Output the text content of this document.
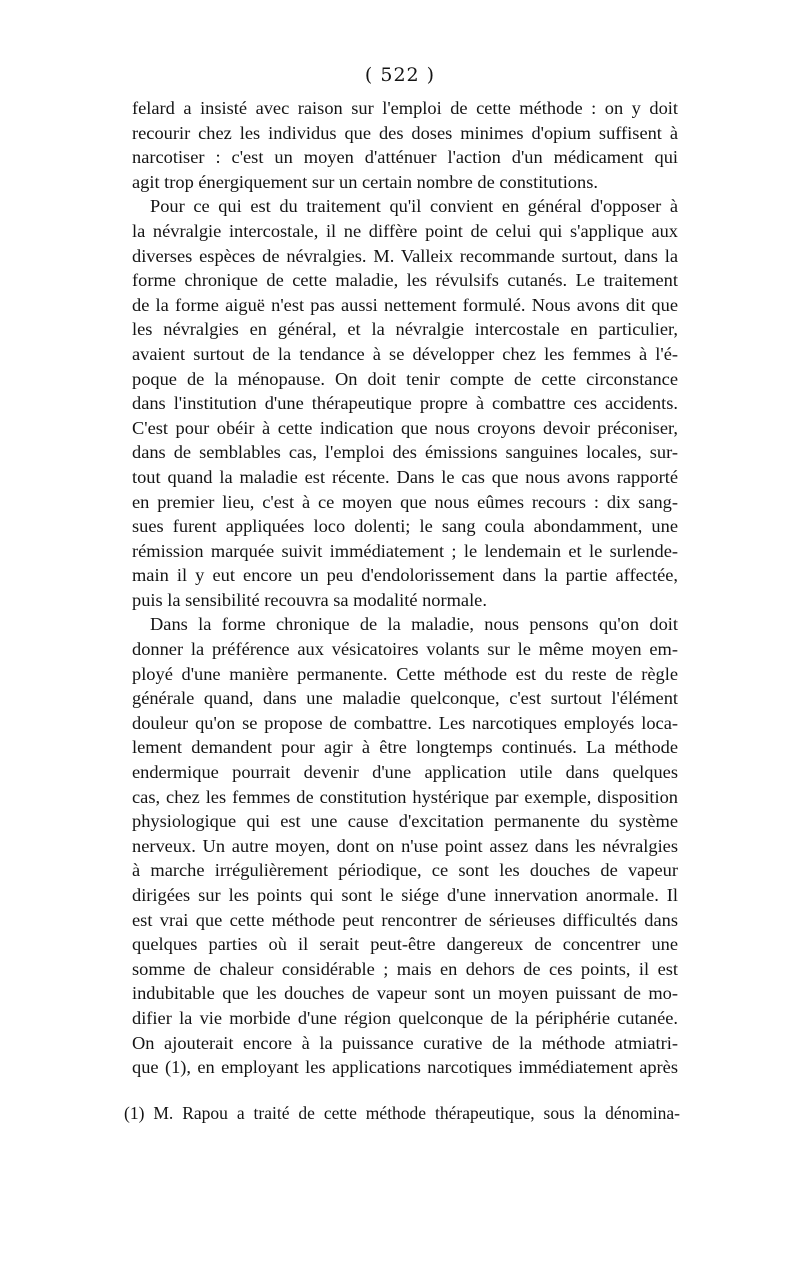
( 522 )
felard a insisté avec raison sur l'emploi de cette méthode : on y doit
recourir chez les individus que des doses minimes d'opium suffisent à
narcotiser : c'est un moyen d'atténuer l'action d'un médicament qui
agit trop énergiquement sur un certain nombre de constitutions.
Pour ce qui est du traitement qu'il convient en général d'opposer à
la névralgie intercostale, il ne diffère point de celui qui s'applique aux
diverses espèces de névralgies. M. Valleix recommande surtout, dans la
forme chronique de cette maladie, les révulsifs cutanés. Le traitement
de la forme aiguë n'est pas aussi nettement formulé. Nous avons dit que
les névralgies en général, et la névralgie intercostale en particulier,
avaient surtout de la tendance à se développer chez les femmes à l'é-
poque de la ménopause. On doit tenir compte de cette circonstance
dans l'institution d'une thérapeutique propre à combattre ces accidents.
C'est pour obéir à cette indication que nous croyons devoir préconiser,
dans de semblables cas, l'emploi des émissions sanguines locales, sur-
tout quand la maladie est récente. Dans le cas que nous avons rapporté
en premier lieu, c'est à ce moyen que nous eûmes recours : dix sang-
sues furent appliquées loco dolenti; le sang coula abondamment, une
rémission marquée suivit immédiatement ; le lendemain et le surlende-
main il y eut encore un peu d'endolorissement dans la partie affectée,
puis la sensibilité recouvra sa modalité normale.
Dans la forme chronique de la maladie, nous pensons qu'on doit
donner la préférence aux vésicatoires volants sur le même moyen em-
ployé d'une manière permanente. Cette méthode est du reste de règle
générale quand, dans une maladie quelconque, c'est surtout l'élément
douleur qu'on se propose de combattre. Les narcotiques employés loca-
lement demandent pour agir à être longtemps continués. La méthode
endermique pourrait devenir d'une application utile dans quelques
cas, chez les femmes de constitution hystérique par exemple, disposition
physiologique qui est une cause d'excitation permanente du système
nerveux. Un autre moyen, dont on n'use point assez dans les névralgies
à marche irrégulièrement périodique, ce sont les douches de vapeur
dirigées sur les points qui sont le siége d'une innervation anormale. Il
est vrai que cette méthode peut rencontrer de sérieuses difficultés dans
quelques parties où il serait peut-être dangereux de concentrer une
somme de chaleur considérable ; mais en dehors de ces points, il est
indubitable que les douches de vapeur sont un moyen puissant de mo-
difier la vie morbide d'une région quelconque de la périphérie cutanée.
On ajouterait encore à la puissance curative de la méthode atmiatri-
que (1), en employant les applications narcotiques immédiatement après
(1) M. Rapou a traité de cette méthode thérapeutique, sous la dénomina-
